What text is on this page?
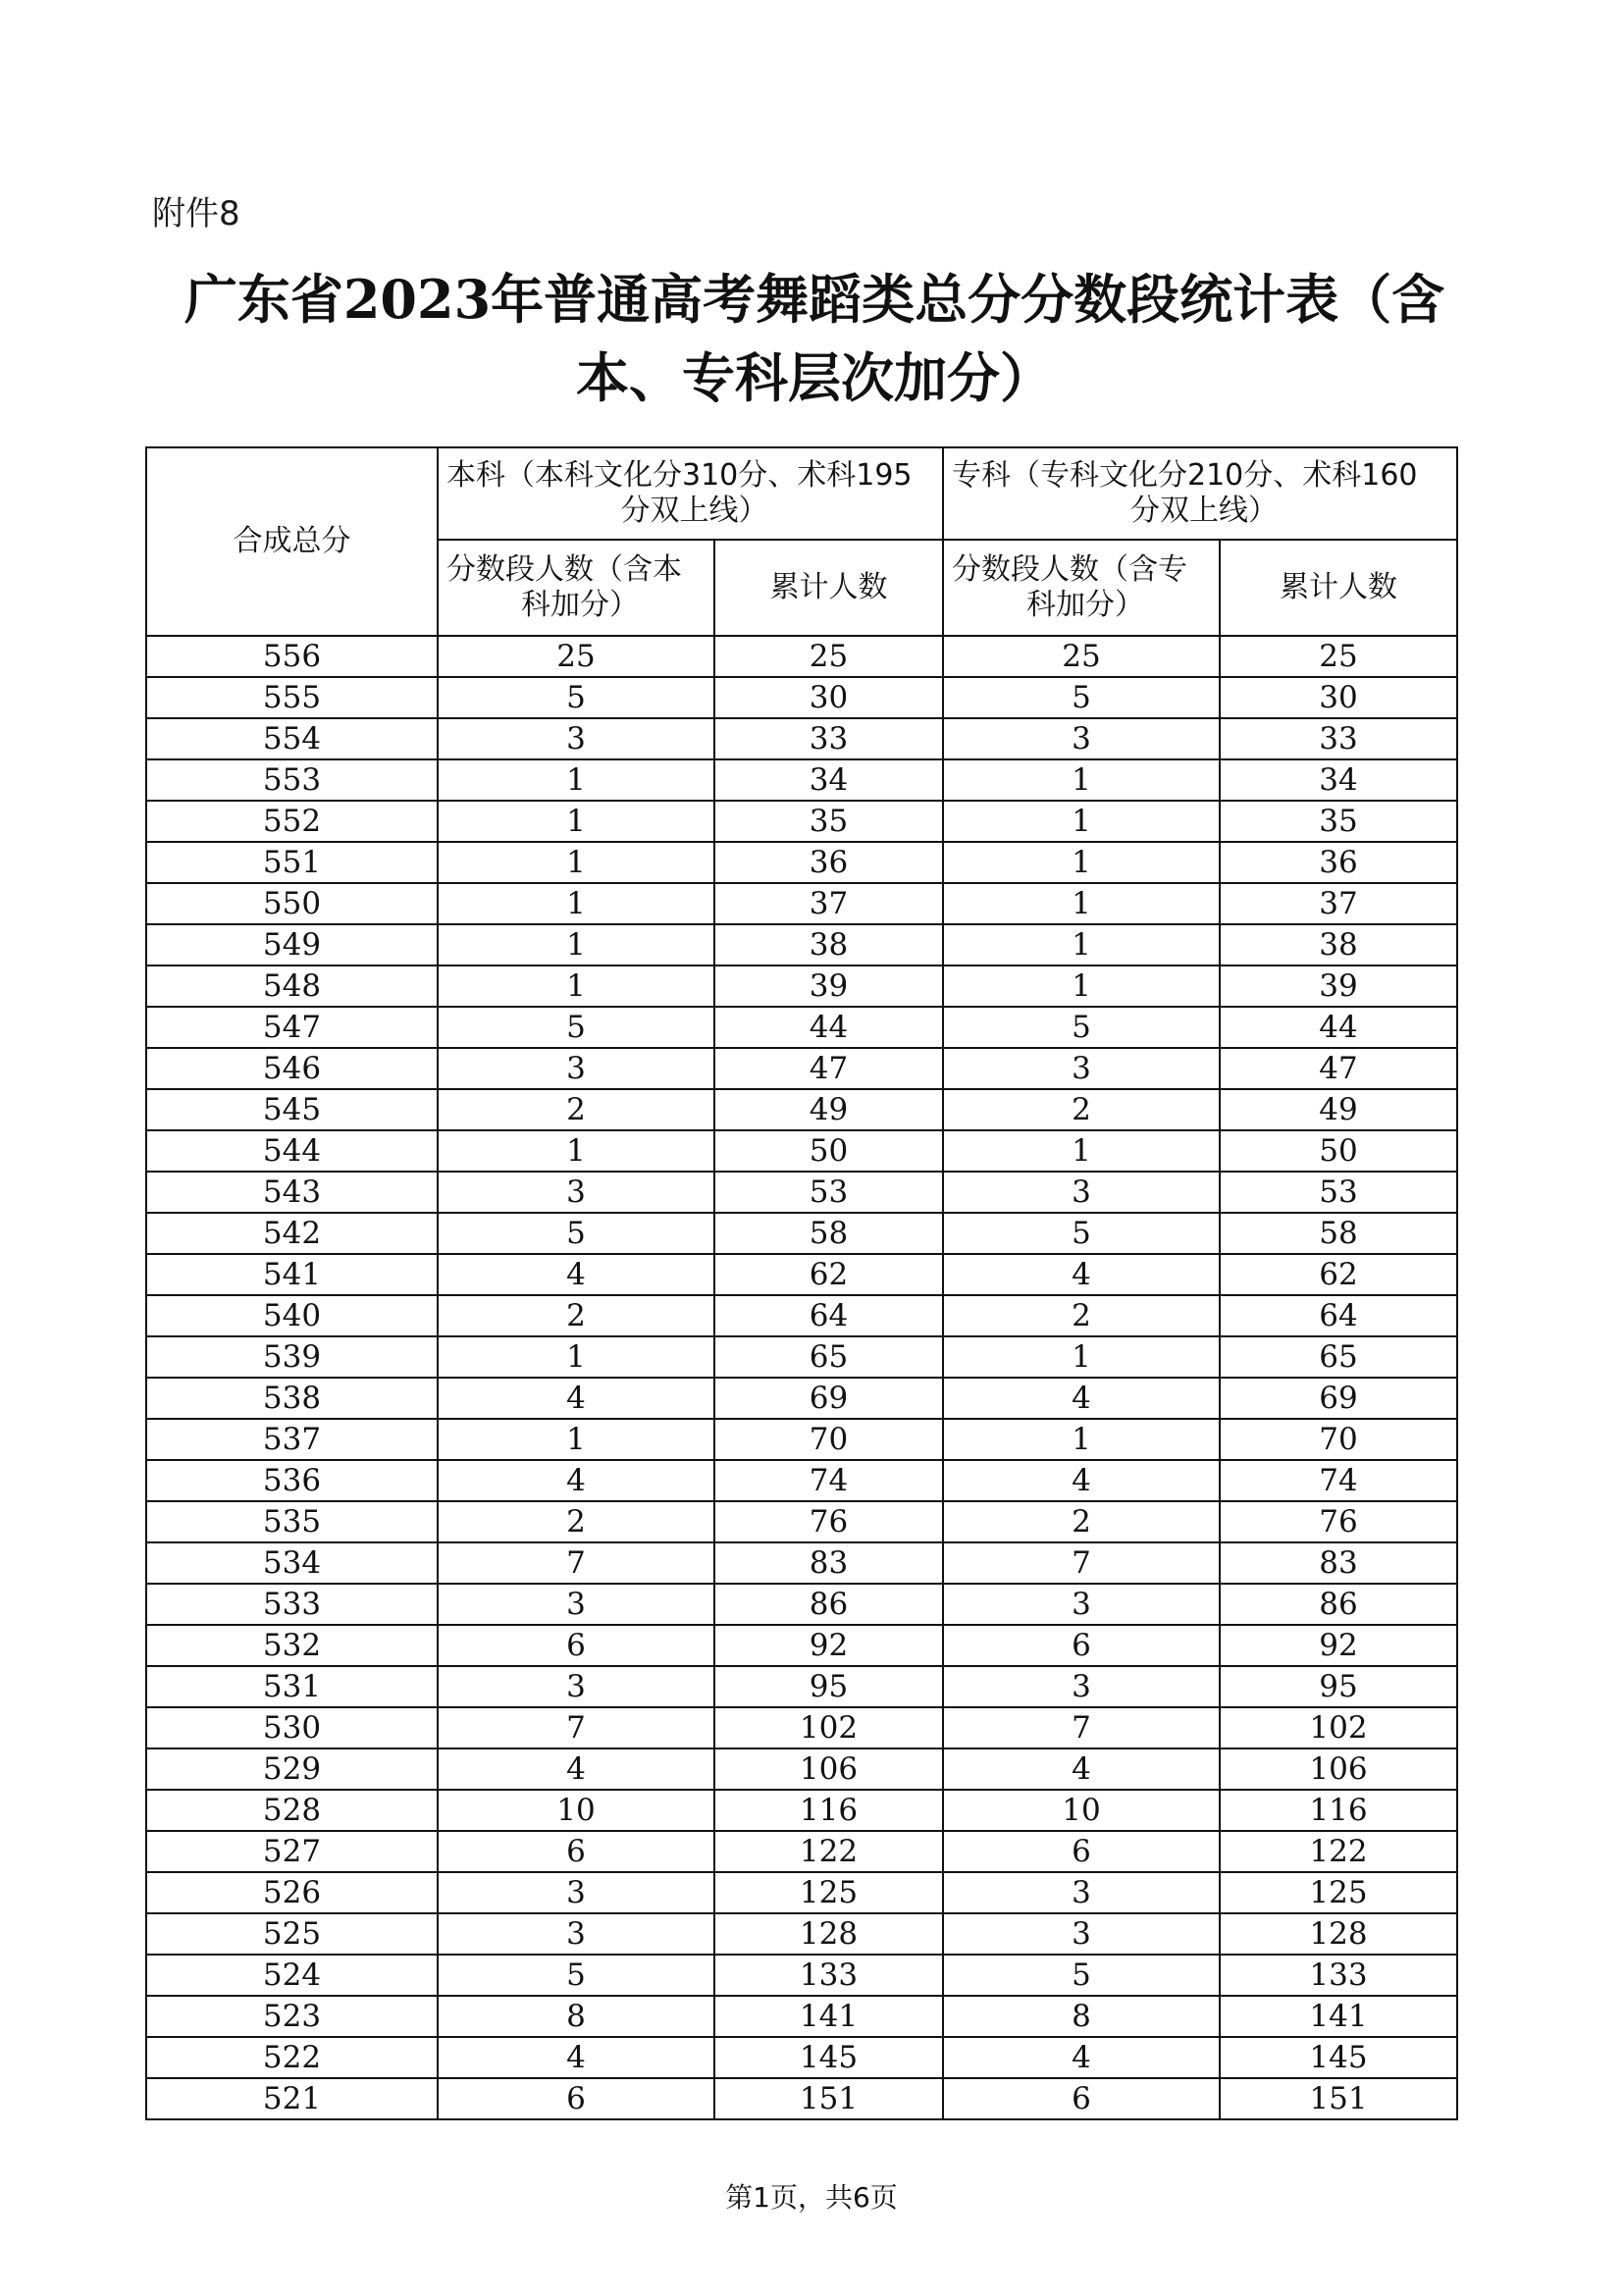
附件8
广东省2023年普通高考舞蹈类总分分数段统计表（含
本、专科层次加分）
合成总分	本科（本科文化分310分、术科195
分双上线）		专科（专科文化分210分、术科160
分双上线）	

	分数段人数（含本
科加分）	累计人数	分数段人数（含专
科加分）	累计人数
556	25	25	25	25
555	5	30	5	30
554	3	33	3	33
553	1	34	1	34
552	1	35	1	35
551	1	36	1	36
550	1	37	1	37
549	1	38	1	38
548	1	39	1	39
547	5	44	5	44
546	3	47	3	47
545	2	49	2	49
544	1	50	1	50
543	3	53	3	53
542	5	58	5	58
541	4	62	4	62
540	2	64	2	64
539	1	65	1	65
538	4	69	4	69
537	1	70	1	70
536	4	74	4	74
535	2	76	2	76
534	7	83	7	83
533	3	86	3	86
532	6	92	6	92
531	3	95	3	95
530	7	102	7	102
529	4	106	4	106
528	10	116	10	116
527	6	122	6	122
526	3	125	3	125
525	3	128	3	128
524	5	133	5	133
523	8	141	8	141
522	4	145	4	145
521	6	151	6	151
第1页，共6页
